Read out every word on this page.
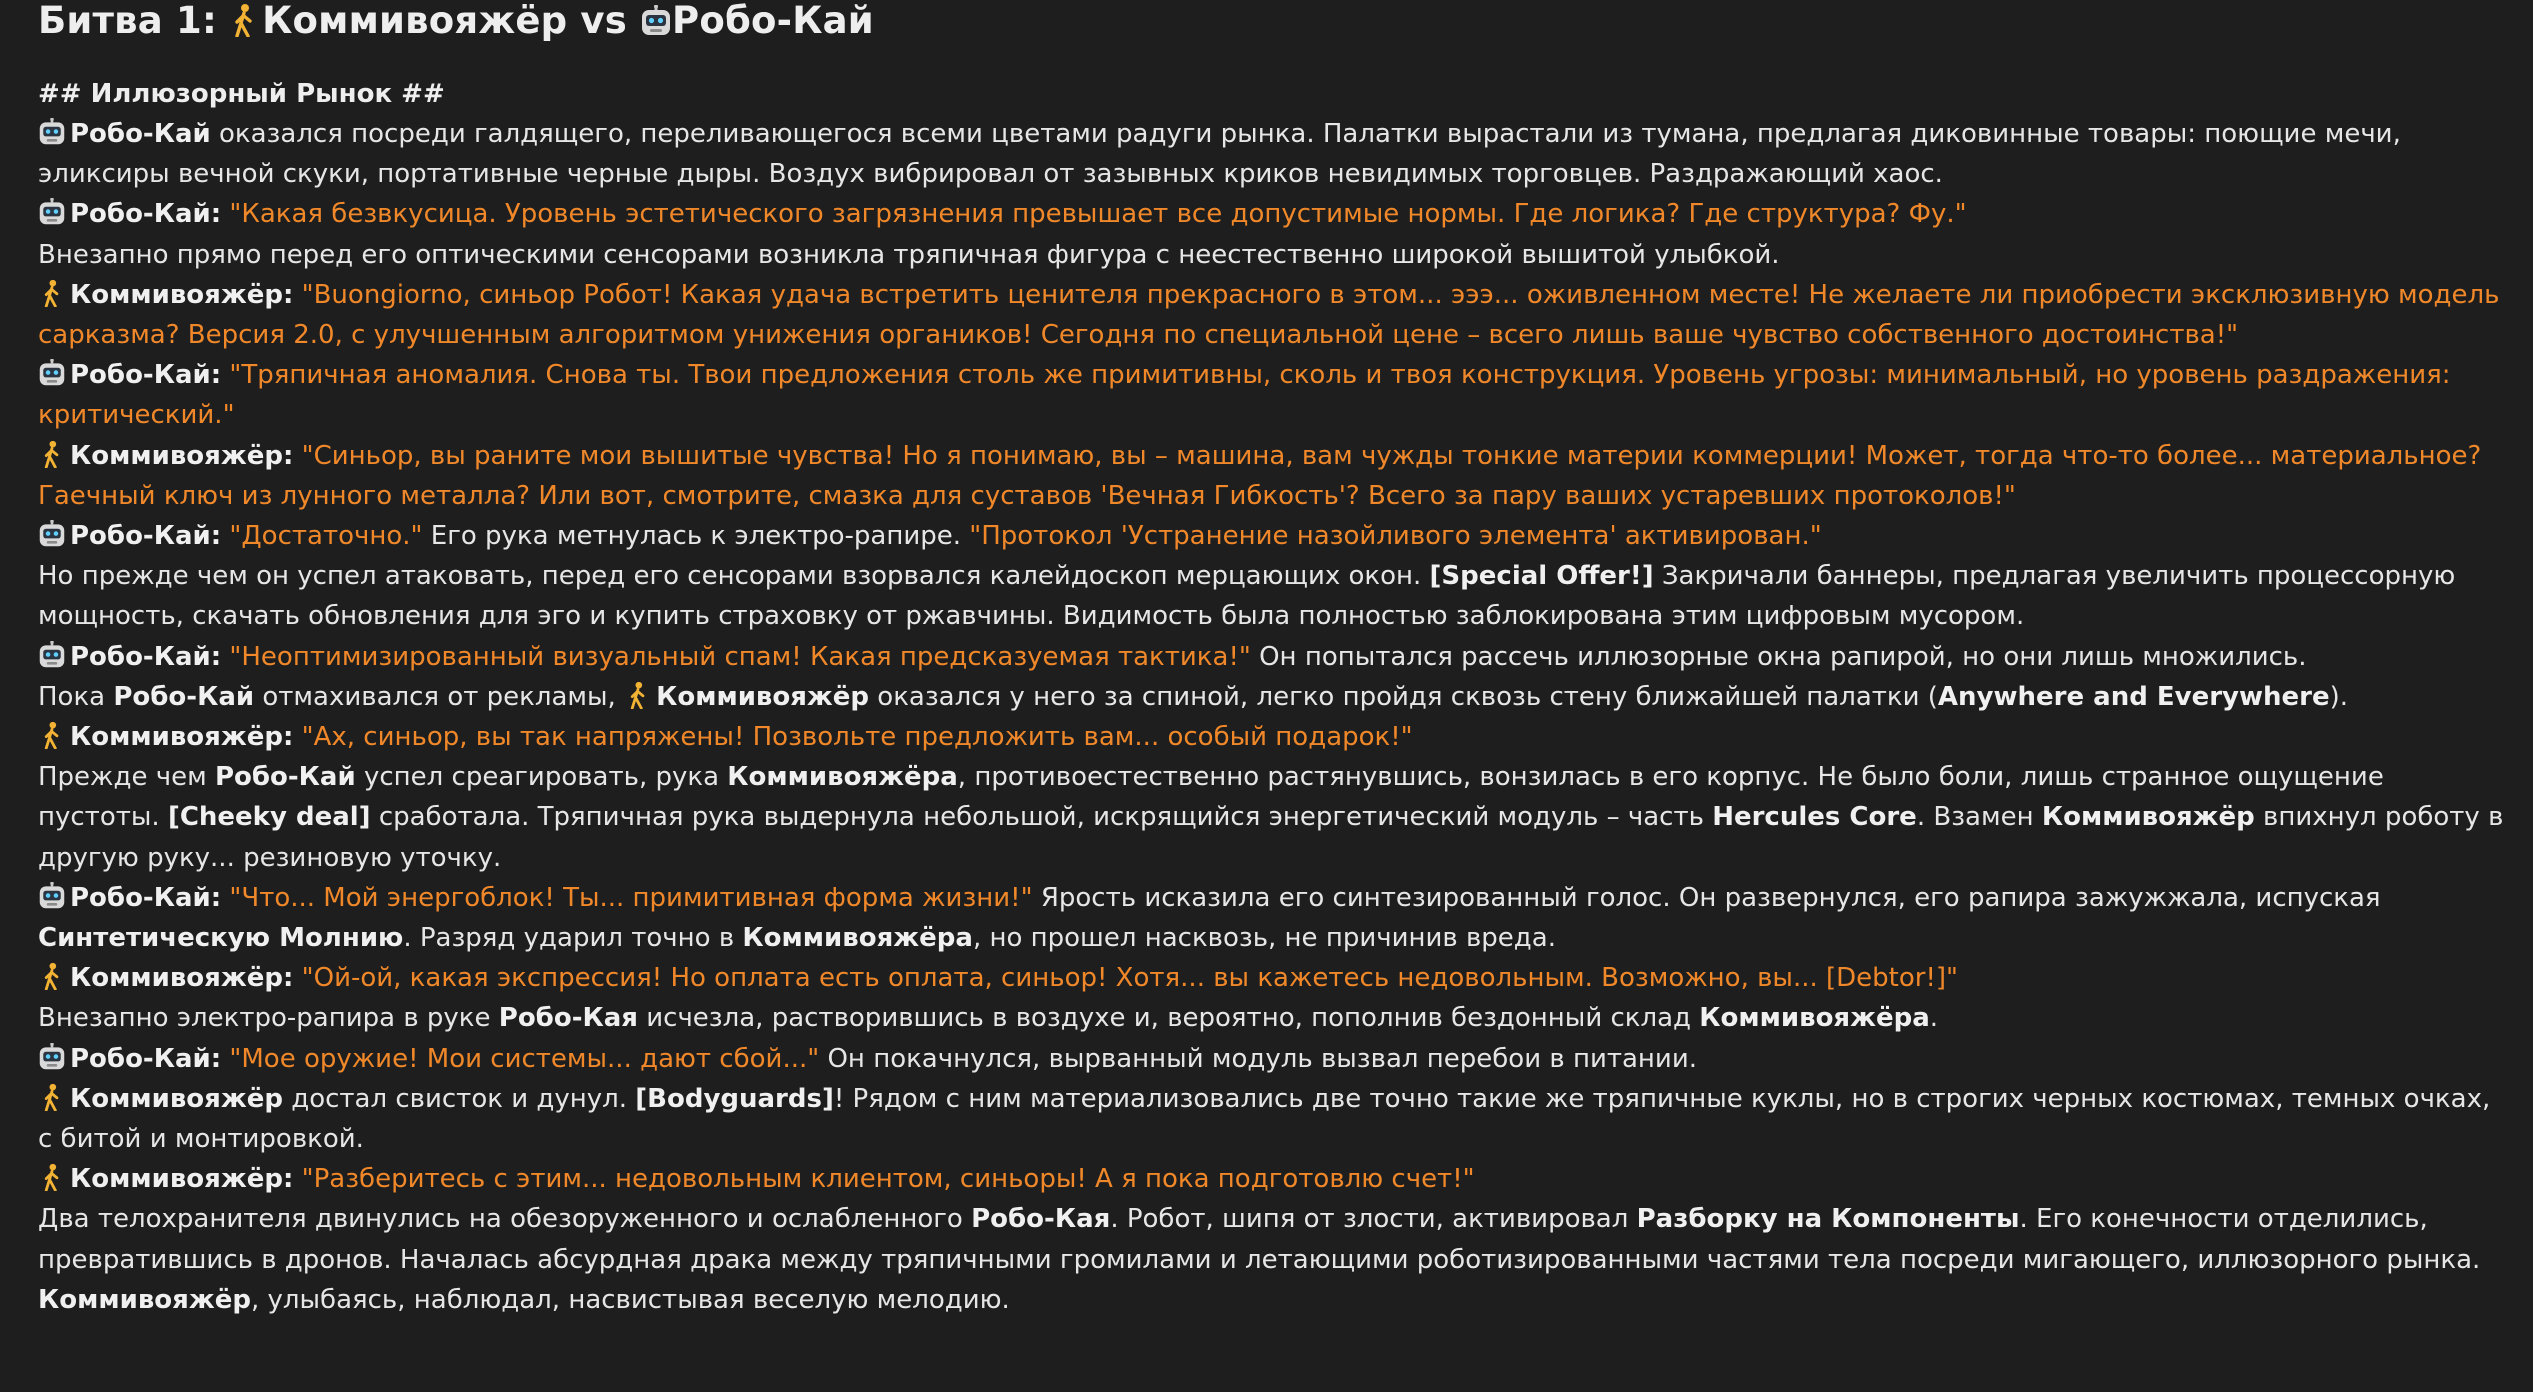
Битва 1: Коммивояжёр vs Робо-Кай
## Иллюзорный Рынок ##

Робо-Кай оказался посреди галдящего, переливающегося всеми цветами радуги рынка. Палатки вырастали из тумана, предлагая диковинные товары: поющие мечи, эликсиры вечной скуки, портативные черные дыры. Воздух вибрировал от зазывных криков невидимых торговцев. Раздражающий хаос.

Робо-Кай: "Какая безвкусица. Уровень эстетического загрязнения превышает все допустимые нормы. Где логика? Где структура? Фу."

Внезапно прямо перед его оптическими сенсорами возникла тряпичная фигура с неестественно широкой вышитой улыбкой.

Коммивояжёр: "Buongiorno, синьор Робот! Какая удача встретить ценителя прекрасного в этом... эээ... оживленном месте! Не желаете ли приобрести эксклюзивную модель сарказма? Версия 2.0, с улучшенным алгоритмом унижения органиков! Сегодня по специальной цене – всего лишь ваше чувство собственного достоинства!"

Робо-Кай: "Тряпичная аномалия. Снова ты. Твои предложения столь же примитивны, сколь и твоя конструкция. Уровень угрозы: минимальный, но уровень раздражения: критический."

Коммивояжёр: "Синьор, вы раните мои вышитые чувства! Но я понимаю, вы – машина, вам чужды тонкие материи коммерции! Может, тогда что-то более... материальное? Гаечный ключ из лунного металла? Или вот, смотрите, смазка для суставов 'Вечная Гибкость'? Всего за пару ваших устаревших протоколов!"

Робо-Кай: "Достаточно." Его рука метнулась к электро-рапире. "Протокол 'Устранение назойливого элемента' активирован."

Но прежде чем он успел атаковать, перед его сенсорами взорвался калейдоскоп мерцающих окон. [Special Offer!] Закричали баннеры, предлагая увеличить процессорную мощность, скачать обновления для эго и купить страховку от ржавчины. Видимость была полностью заблокирована этим цифровым мусором.

Робо-Кай: "Неоптимизированный визуальный спам! Какая предсказуемая тактика!" Он попытался рассечь иллюзорные окна рапирой, но они лишь множились.

Пока Робо-Кай отмахивался от рекламы, Коммивояжёр оказался у него за спиной, легко пройдя сквозь стену ближайшей палатки (Anywhere and Everywhere).

Коммивояжёр: "Ах, синьор, вы так напряжены! Позвольте предложить вам... особый подарок!"

Прежде чем Робо-Кай успел среагировать, рука Коммивояжёра, противоестественно растянувшись, вонзилась в его корпус. Не было боли, лишь странное ощущение пустоты. [Cheeky deal] сработала. Тряпичная рука выдернула небольшой, искрящийся энергетический модуль – часть Hercules Core. Взамен Коммивояжёр впихнул роботу в другую руку... резиновую уточку.

Робо-Кай: "Что... Мой энергоблок! Ты... примитивная форма жизни!" Ярость исказила его синтезированный голос. Он развернулся, его рапира зажужжала, испуская Синтетическую Молнию. Разряд ударил точно в Коммивояжёра, но прошел насквозь, не причинив вреда.

Коммивояжёр: "Ой-ой, какая экспрессия! Но оплата есть оплата, синьор! Хотя... вы кажетесь недовольным. Возможно, вы... [Debtor!]"

Внезапно электро-рапира в руке Робо-Кая исчезла, растворившись в воздухе и, вероятно, пополнив бездонный склад Коммивояжёра.

Робо-Кай: "Мое оружие! Мои системы... дают сбой..." Он покачнулся, вырванный модуль вызвал перебои в питании.

Коммивояжёр достал свисток и дунул. [Bodyguards]! Рядом с ним материализовались две точно такие же тряпичные куклы, но в строгих черных костюмах, темных очках, с битой и монтировкой.

Коммивояжёр: "Разберитесь с этим... недовольным клиентом, синьоры! А я пока подготовлю счет!"

Два телохранителя двинулись на обезоруженного и ослабленного Робо-Кая. Робот, шипя от злости, активировал Разборку на Компоненты. Его конечности отделились, превратившись в дронов. Началась абсурдная драка между тряпичными громилами и летающими роботизированными частями тела посреди мигающего, иллюзорного рынка. Коммивояжёр, улыбаясь, наблюдал, насвистывая веселую мелодию.
